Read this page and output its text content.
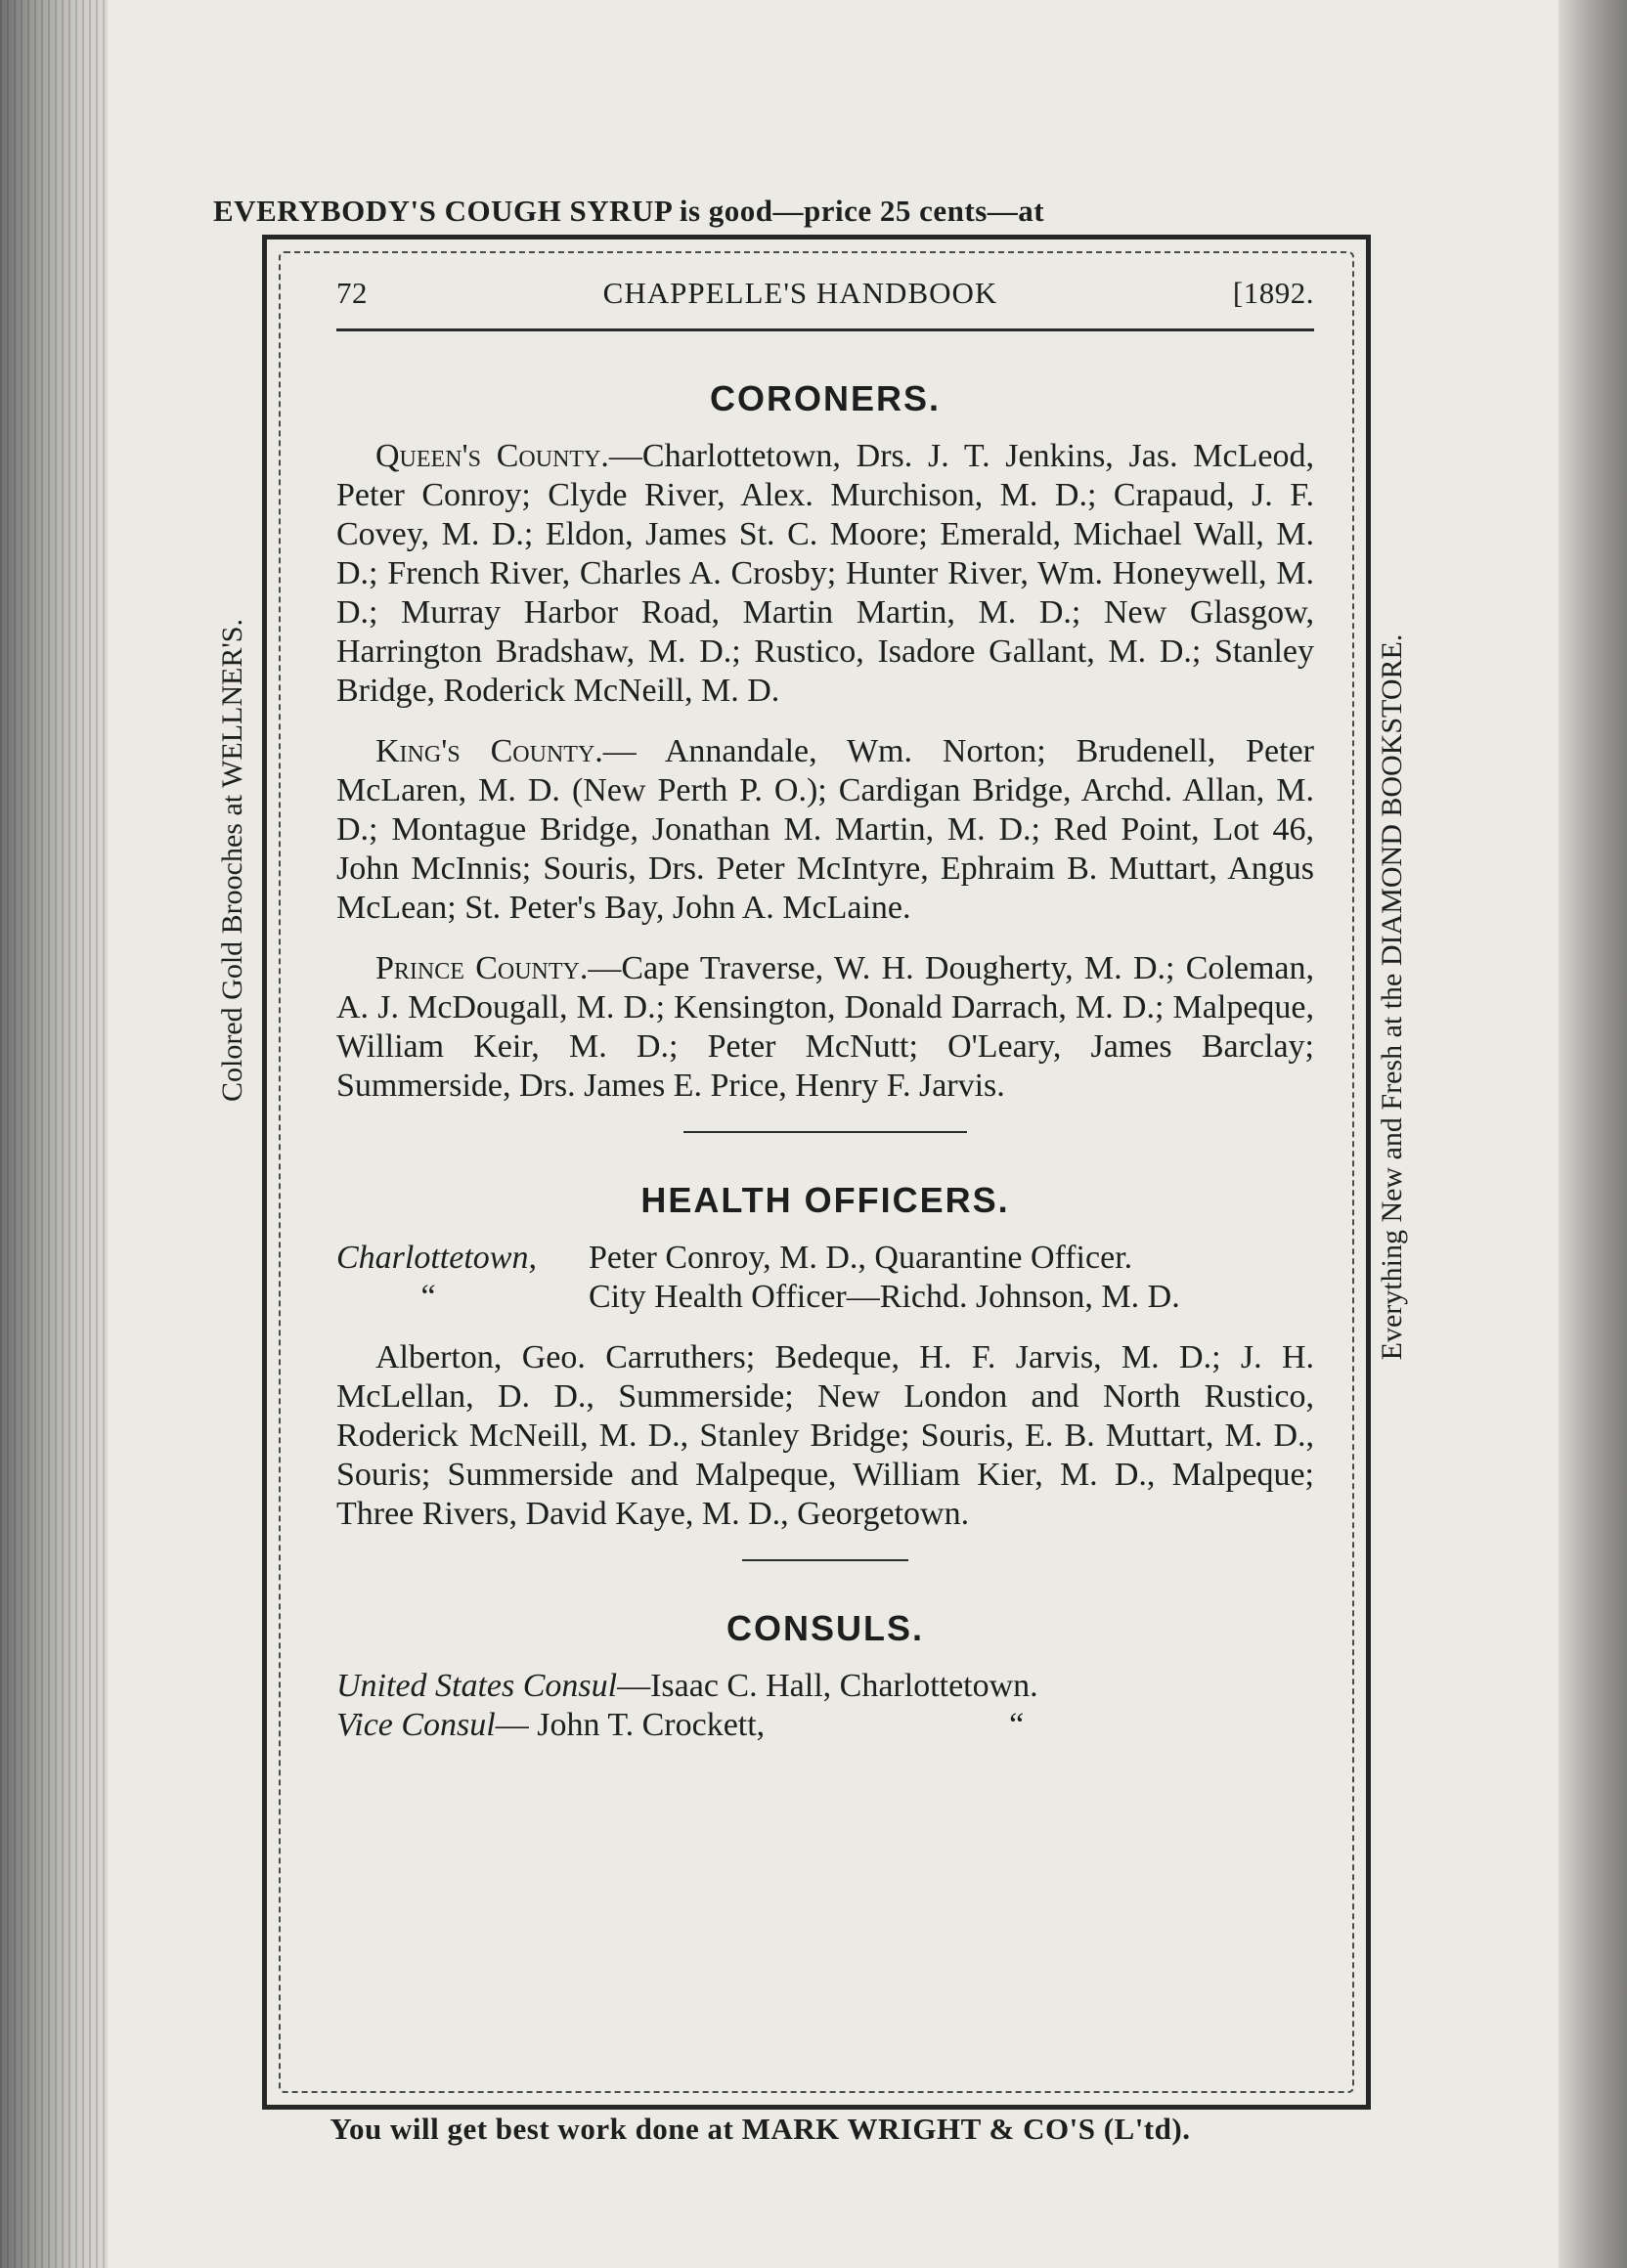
EVERYBODY'S COUGH SYRUP is good—price 25 cents—at
Colored Gold Brooches at WELLNER'S.	Everything New and Fresh at the DIAMOND BOOKSTORE.
72	CHAPPELLE'S HANDBOOK	[1892.
CORONERS.

Queen's County.—Charlottetown, Drs. J. T. Jenkins, Jas. McLeod, Peter Conroy; Clyde River, Alex. Murchison, M. D.; Crapaud, J. F. Covey, M. D.; Eldon, James St. C. Moore; Emerald, Michael Wall, M. D.; French River, Charles A. Crosby; Hunter River, Wm. Honeywell, M. D.; Murray Harbor Road, Martin Martin, M. D.; New Glasgow, Harrington Bradshaw, M. D.; Rustico, Isadore Gallant, M. D.; Stanley Bridge, Roderick McNeill, M. D.

King's County.— Annandale, Wm. Norton; Brudenell, Peter McLaren, M. D. (New Perth P. O.); Cardigan Bridge, Archd. Allan, M. D.; Montague Bridge, Jonathan M. Martin, M. D.; Red Point, Lot 46, John McInnis; Souris, Drs. Peter McIntyre, Ephraim B. Muttart, Angus McLean; St. Peter's Bay, John A. McLaine.

Prince County.—Cape Traverse, W. H. Dougherty, M. D.; Coleman, A. J. McDougall, M. D.; Kensington, Donald Darrach, M. D.; Malpeque, William Keir, M. D.; Peter McNutt; O'Leary, James Barclay; Summerside, Drs. James E. Price, Henry F. Jarvis.

HEALTH OFFICERS.
Charlottetown,	Peter Conroy, M. D., Quarantine Officer.
“	City Health Officer—Richd. Johnson, M. D.

Alberton, Geo. Carruthers; Bedeque, H. F. Jarvis, M. D.; J. H. McLellan, D. D., Summerside; New London and North Rustico, Roderick McNeill, M. D., Stanley Bridge; Souris, E. B. Muttart, M. D., Souris; Summerside and Malpeque, William Kier, M. D., Malpeque; Three Rivers, David Kaye, M. D., Georgetown.

CONSULS.
United States Consul—Isaac C. Hall, Charlottetown.
Vice Consul— John T. Crockett,	“
You will get best work done at MARK WRIGHT & CO'S (L'td).
